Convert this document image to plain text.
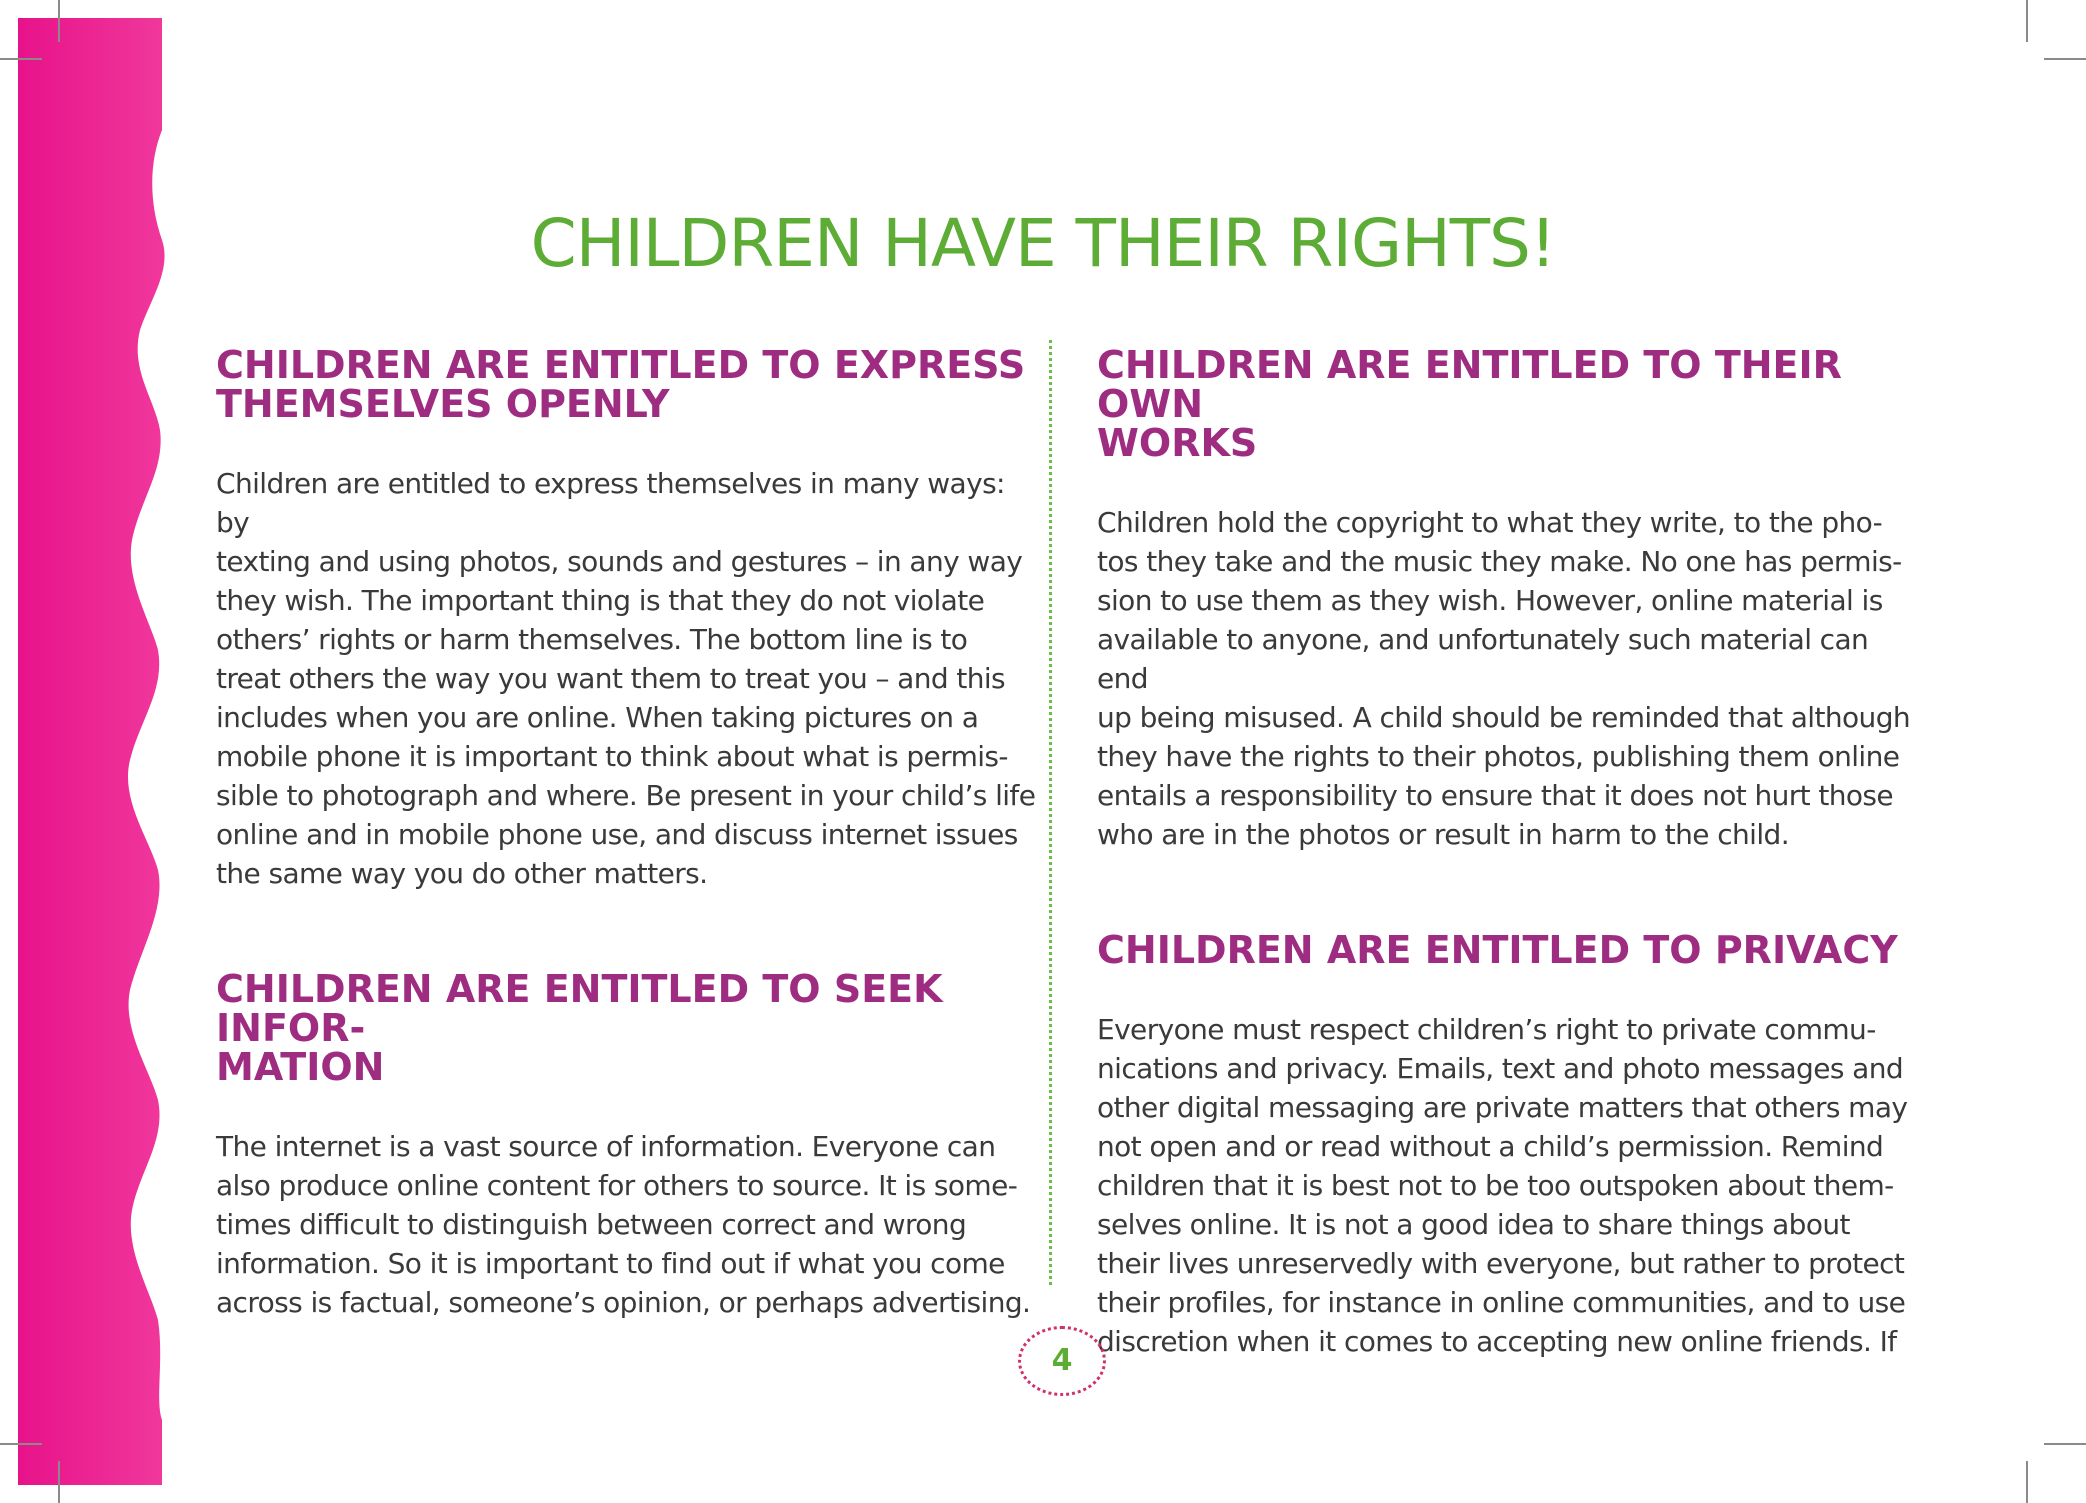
CHILDREN HAVE THEIR RIGHTS!
CHILDREN ARE ENTITLED TO EXPRESS
THEMSELVES OPENLY
Children are entitled to express themselves in many ways: by
texting and using photos, sounds and gestures – in any way
they wish. The important thing is that they do not violate
others’ rights or harm themselves. The bottom line is to
treat others the way you want them to treat you – and this
includes when you are online. When taking pictures on a
mobile phone it is important to think about what is permis-
sible to photograph and where. Be present in your child’s life
online and in mobile phone use, and discuss internet issues
the same way you do other matters.
CHILDREN ARE ENTITLED TO SEEK INFOR-
MATION
The internet is a vast source of information. Everyone can
also produce online content for others to source. It is some-
times difficult to distinguish between correct and wrong
information. So it is important to find out if what you come
across is factual, someone’s opinion, or perhaps advertising.
CHILDREN ARE ENTITLED TO THEIR OWN
WORKS
Children hold the copyright to what they write, to the pho-
tos they take and the music they make. No one has permis-
sion to use them as they wish. However, online material is
available to anyone, and unfortunately such material can end
up being misused. A child should be reminded that although
they have the rights to their photos, publishing them online
entails a responsibility to ensure that it does not hurt those
who are in the photos or result in harm to the child.
CHILDREN ARE ENTITLED TO PRIVACY
Everyone must respect children’s right to private commu-
nications and privacy. Emails, text and photo messages and
other digital messaging are private matters that others may
not open and or read without a child’s permission. Remind
children that it is best not to be too outspoken about them-
selves online. It is not a good idea to share things about
their lives unreservedly with everyone, but rather to protect
their profiles, for instance in online communities, and to use
discretion when it comes to accepting new online friends. If
4
